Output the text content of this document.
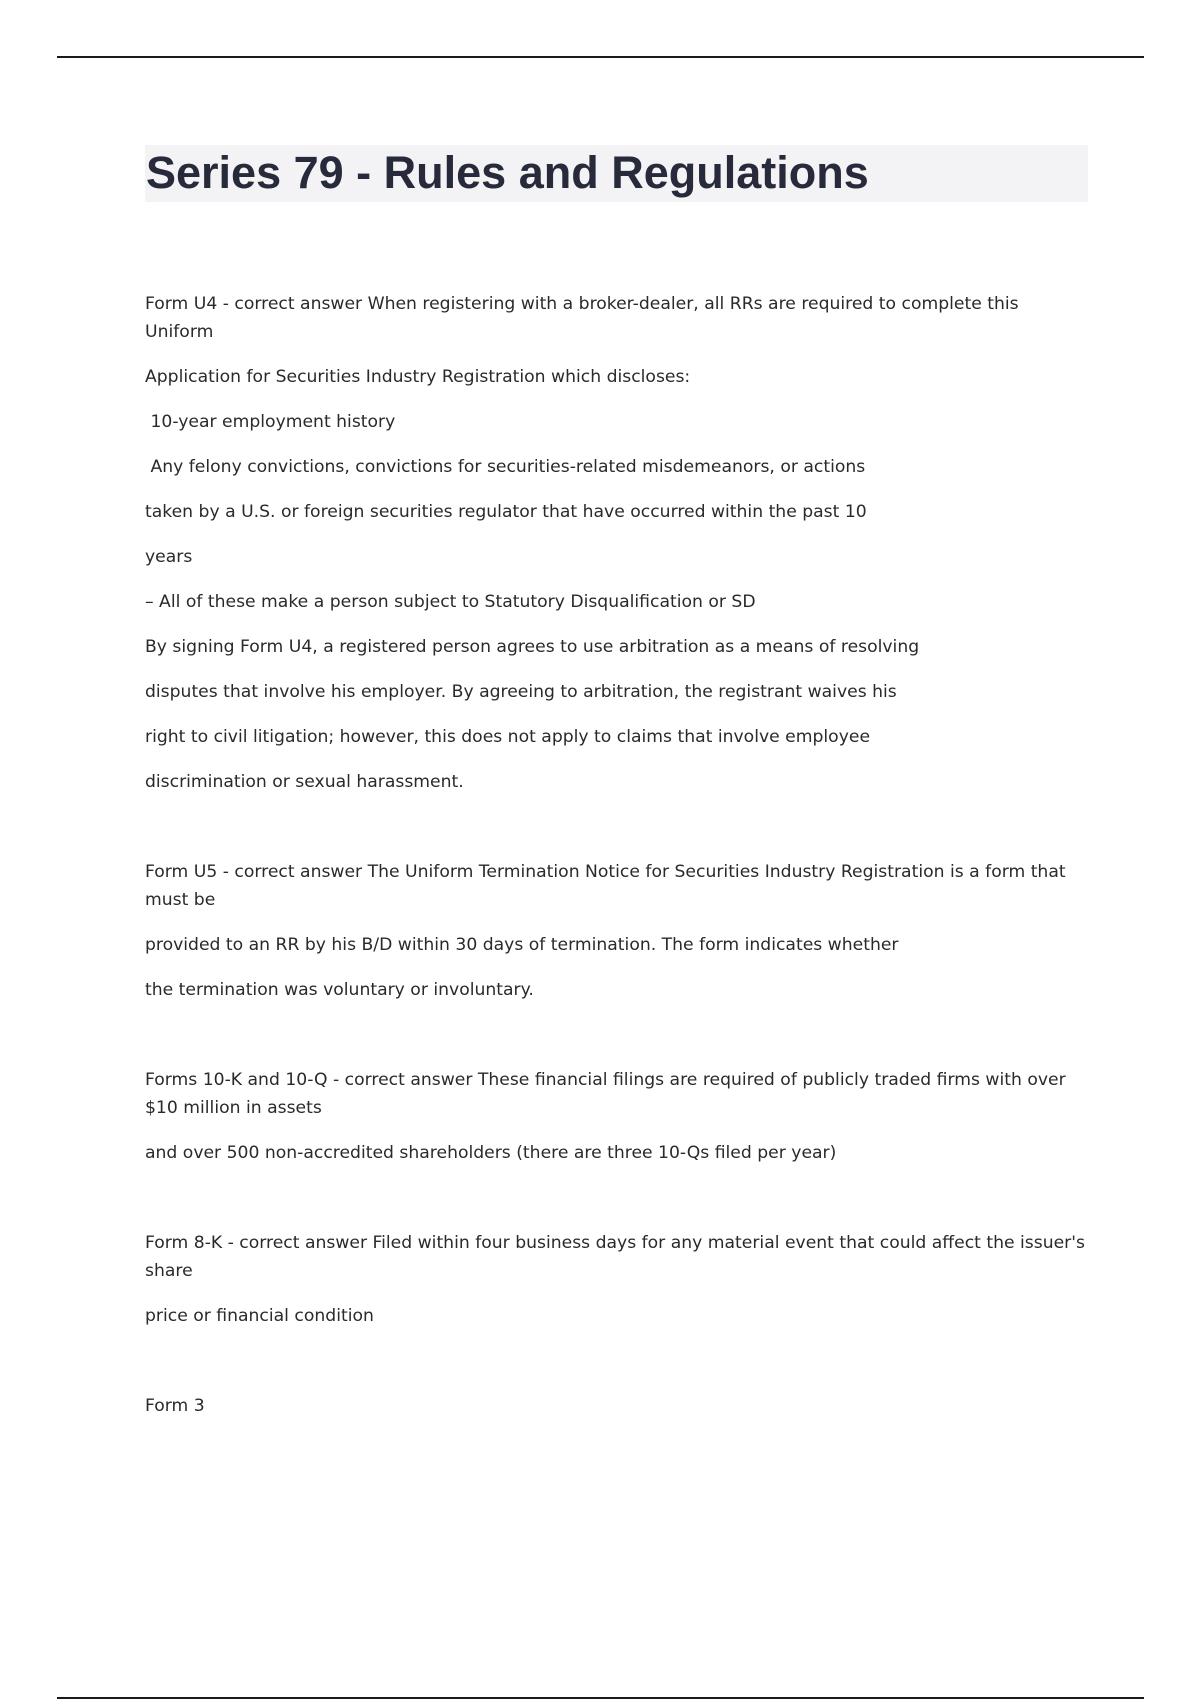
Series 79 - Rules and Regulations

Form U4 - correct answer When registering with a broker-dealer, all RRs are required to complete this Uniform

Application for Securities Industry Registration which discloses:

10-year employment history

Any felony convictions, convictions for securities-related misdemeanors, or actions

taken by a U.S. or foreign securities regulator that have occurred within the past 10

years

– All of these make a person subject to Statutory Disqualification or SD

By signing Form U4, a registered person agrees to use arbitration as a means of resolving

disputes that involve his employer. By agreeing to arbitration, the registrant waives his

right to civil litigation; however, this does not apply to claims that involve employee

discrimination or sexual harassment.

Form U5 - correct answer The Uniform Termination Notice for Securities Industry Registration is a form that must be

provided to an RR by his B/D within 30 days of termination. The form indicates whether

the termination was voluntary or involuntary.

Forms 10-K and 10-Q - correct answer These financial filings are required of publicly traded firms with over $10 million in assets

and over 500 non-accredited shareholders (there are three 10-Qs filed per year)

Form 8-K - correct answer Filed within four business days for any material event that could affect the issuer's share

price or financial condition

Form 3
